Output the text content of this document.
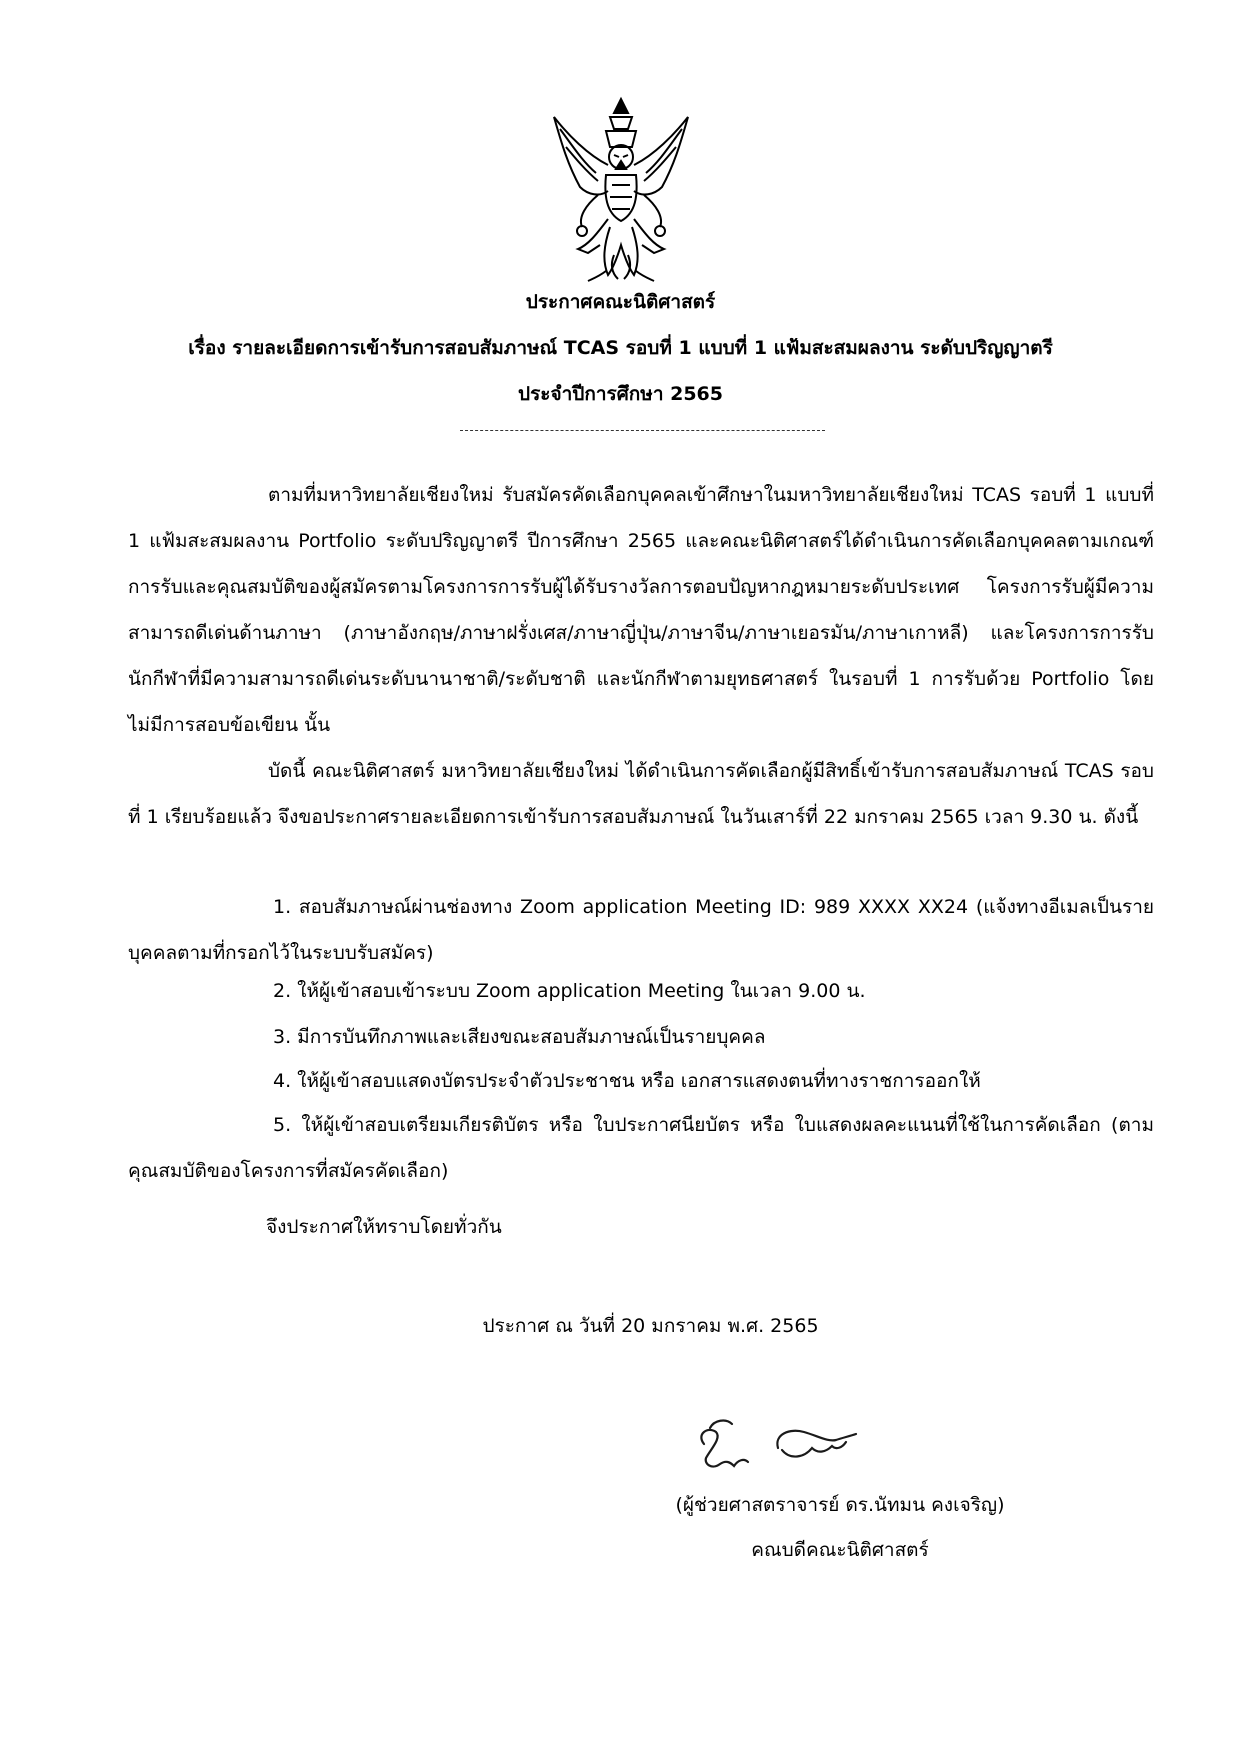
ประกาศคณะนิติศาสตร์
เรื่อง รายละเอียดการเข้ารับการสอบสัมภาษณ์ TCAS รอบที่ 1 แบบที่ 1 แฟ้มสะสมผลงาน ระดับปริญญาตรี
ประจำปีการศึกษา 2565
ตามที่มหาวิทยาลัยเชียงใหม่ รับสมัครคัดเลือกบุคคลเข้าศึกษาในมหาวิทยาลัยเชียงใหม่ TCAS รอบที่ 1 แบบที่ 1 แฟ้มสะสมผลงาน Portfolio ระดับปริญญาตรี ปีการศึกษา 2565 และคณะนิติศาสตร์ได้ดำเนินการคัดเลือกบุคคลตามเกณฑ์การรับและคุณสมบัติของผู้สมัครตามโครงการการรับผู้ได้รับรางวัลการตอบปัญหากฎหมายระดับประเทศ โครงการรับผู้มีความสามารถดีเด่นด้านภาษา (ภาษาอังกฤษ/ภาษาฝรั่งเศส/ภาษาญี่ปุ่น/ภาษาจีน/ภาษาเยอรมัน/ภาษาเกาหลี) และโครงการการรับนักกีฬาที่มีความสามารถดีเด่นระดับนานาชาติ/ระดับชาติ และนักกีฬาตามยุทธศาสตร์ ในรอบที่ 1 การรับด้วย Portfolio โดยไม่มีการสอบข้อเขียน นั้น
บัดนี้ คณะนิติศาสตร์ มหาวิทยาลัยเชียงใหม่ ได้ดำเนินการคัดเลือกผู้มีสิทธิ์เข้ารับการสอบสัมภาษณ์ TCAS รอบที่ 1 เรียบร้อยแล้ว จึงขอประกาศรายละเอียดการเข้ารับการสอบสัมภาษณ์ ในวันเสาร์ที่ 22 มกราคม 2565 เวลา 9.30 น. ดังนี้
1. สอบสัมภาษณ์ผ่านช่องทาง Zoom application Meeting ID: 989 XXXX XX24 (แจ้งทางอีเมลเป็นรายบุคคลตามที่กรอกไว้ในระบบรับสมัคร)
2. ให้ผู้เข้าสอบเข้าระบบ Zoom application Meeting ในเวลา 9.00 น.
3. มีการบันทึกภาพและเสียงขณะสอบสัมภาษณ์เป็นรายบุคคล
4. ให้ผู้เข้าสอบแสดงบัตรประจำตัวประชาชน หรือ เอกสารแสดงตนที่ทางราชการออกให้
5. ให้ผู้เข้าสอบเตรียมเกียรติบัตร หรือ ใบประกาศนียบัตร หรือ ใบแสดงผลคะแนนที่ใช้ในการคัดเลือก (ตามคุณสมบัติของโครงการที่สมัครคัดเลือก)
จึงประกาศให้ทราบโดยทั่วกัน
ประกาศ ณ วันที่ 20 มกราคม พ.ศ. 2565
(ผู้ช่วยศาสตราจารย์ ดร.นัทมน คงเจริญ)
คณบดีคณะนิติศาสตร์
